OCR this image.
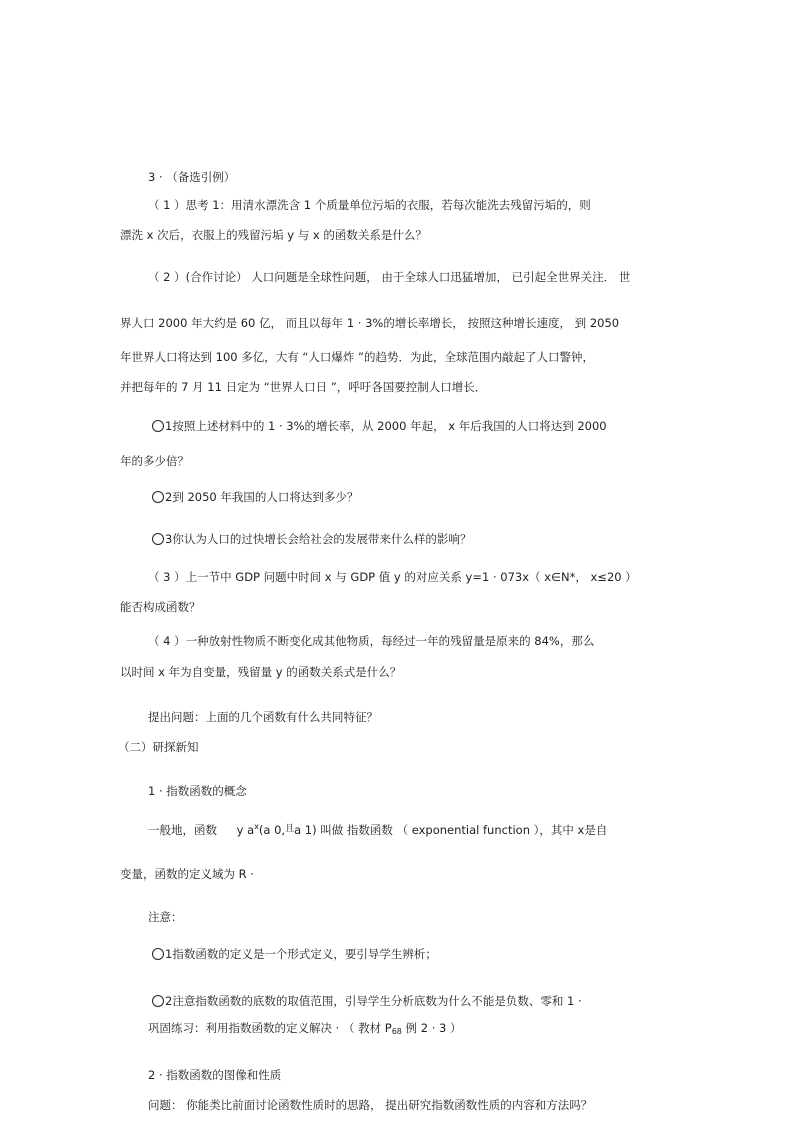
3 · （备选引例）
（ 1 ）思考 1：用清水漂洗含 1 个质量单位污垢的衣服，若每次能洗去残留污垢的，则
漂洗 x 次后，衣服上的残留污垢 y 与 x 的函数关系是什么？
（ 2 ）(合作讨论） 人口问题是全球性问题， 由于全球人口迅猛增加， 已引起全世界关注． 世
界人口 2000 年大约是 60 亿， 而且以每年 1 · 3%的增长率增长， 按照这种增长速度， 到 2050
年世界人口将达到 100 多亿，大有 “人口爆炸 ”的趋势．为此，全球范围内敲起了人口警钟，
并把每年的 7 月 11 日定为 “世界人口日 ”，呼吁各国要控制人口增长．
1按照上述材料中的 1 · 3%的增长率，从 2000 年起， x 年后我国的人口将达到 2000
年的多少倍？
2到 2050 年我国的人口将达到多少？
3你认为人口的过快增长会给社会的发展带来什么样的影响？
（ 3 ）上一节中 GDP 问题中时间 x 与 GDP 值 y 的对应关系 y=1 · 073x（ x∈N*， x≤20 ）
能否构成函数？
（ 4 ）一种放射性物质不断变化成其他物质，每经过一年的残留量是原来的 84%，那么
以时间 x 年为自变量，残留量 y 的函数关系式是什么？
提出问题：上面的几个函数有什么共同特征？
（二）研探新知
1 · 指数函数的概念
一般地，函数 y $a^x(a$ 0,$^且$a 1) 叫做 指数函数 （ exponential function ），其中 x是自
变量，函数的定义域为 R ·
注意：
1指数函数的定义是一个形式定义，要引导学生辨析；
2注意指数函数的底数的取值范围，引导学生分析底数为什么不能是负数、零和 1 ·
巩固练习：利用指数函数的定义解决 · （ 教材 $P_{68}$ 例 2 · 3 ）
2 · 指数函数的图像和性质
问题： 你能类比前面讨论函数性质时的思路， 提出研究指数函数性质的内容和方法吗？
